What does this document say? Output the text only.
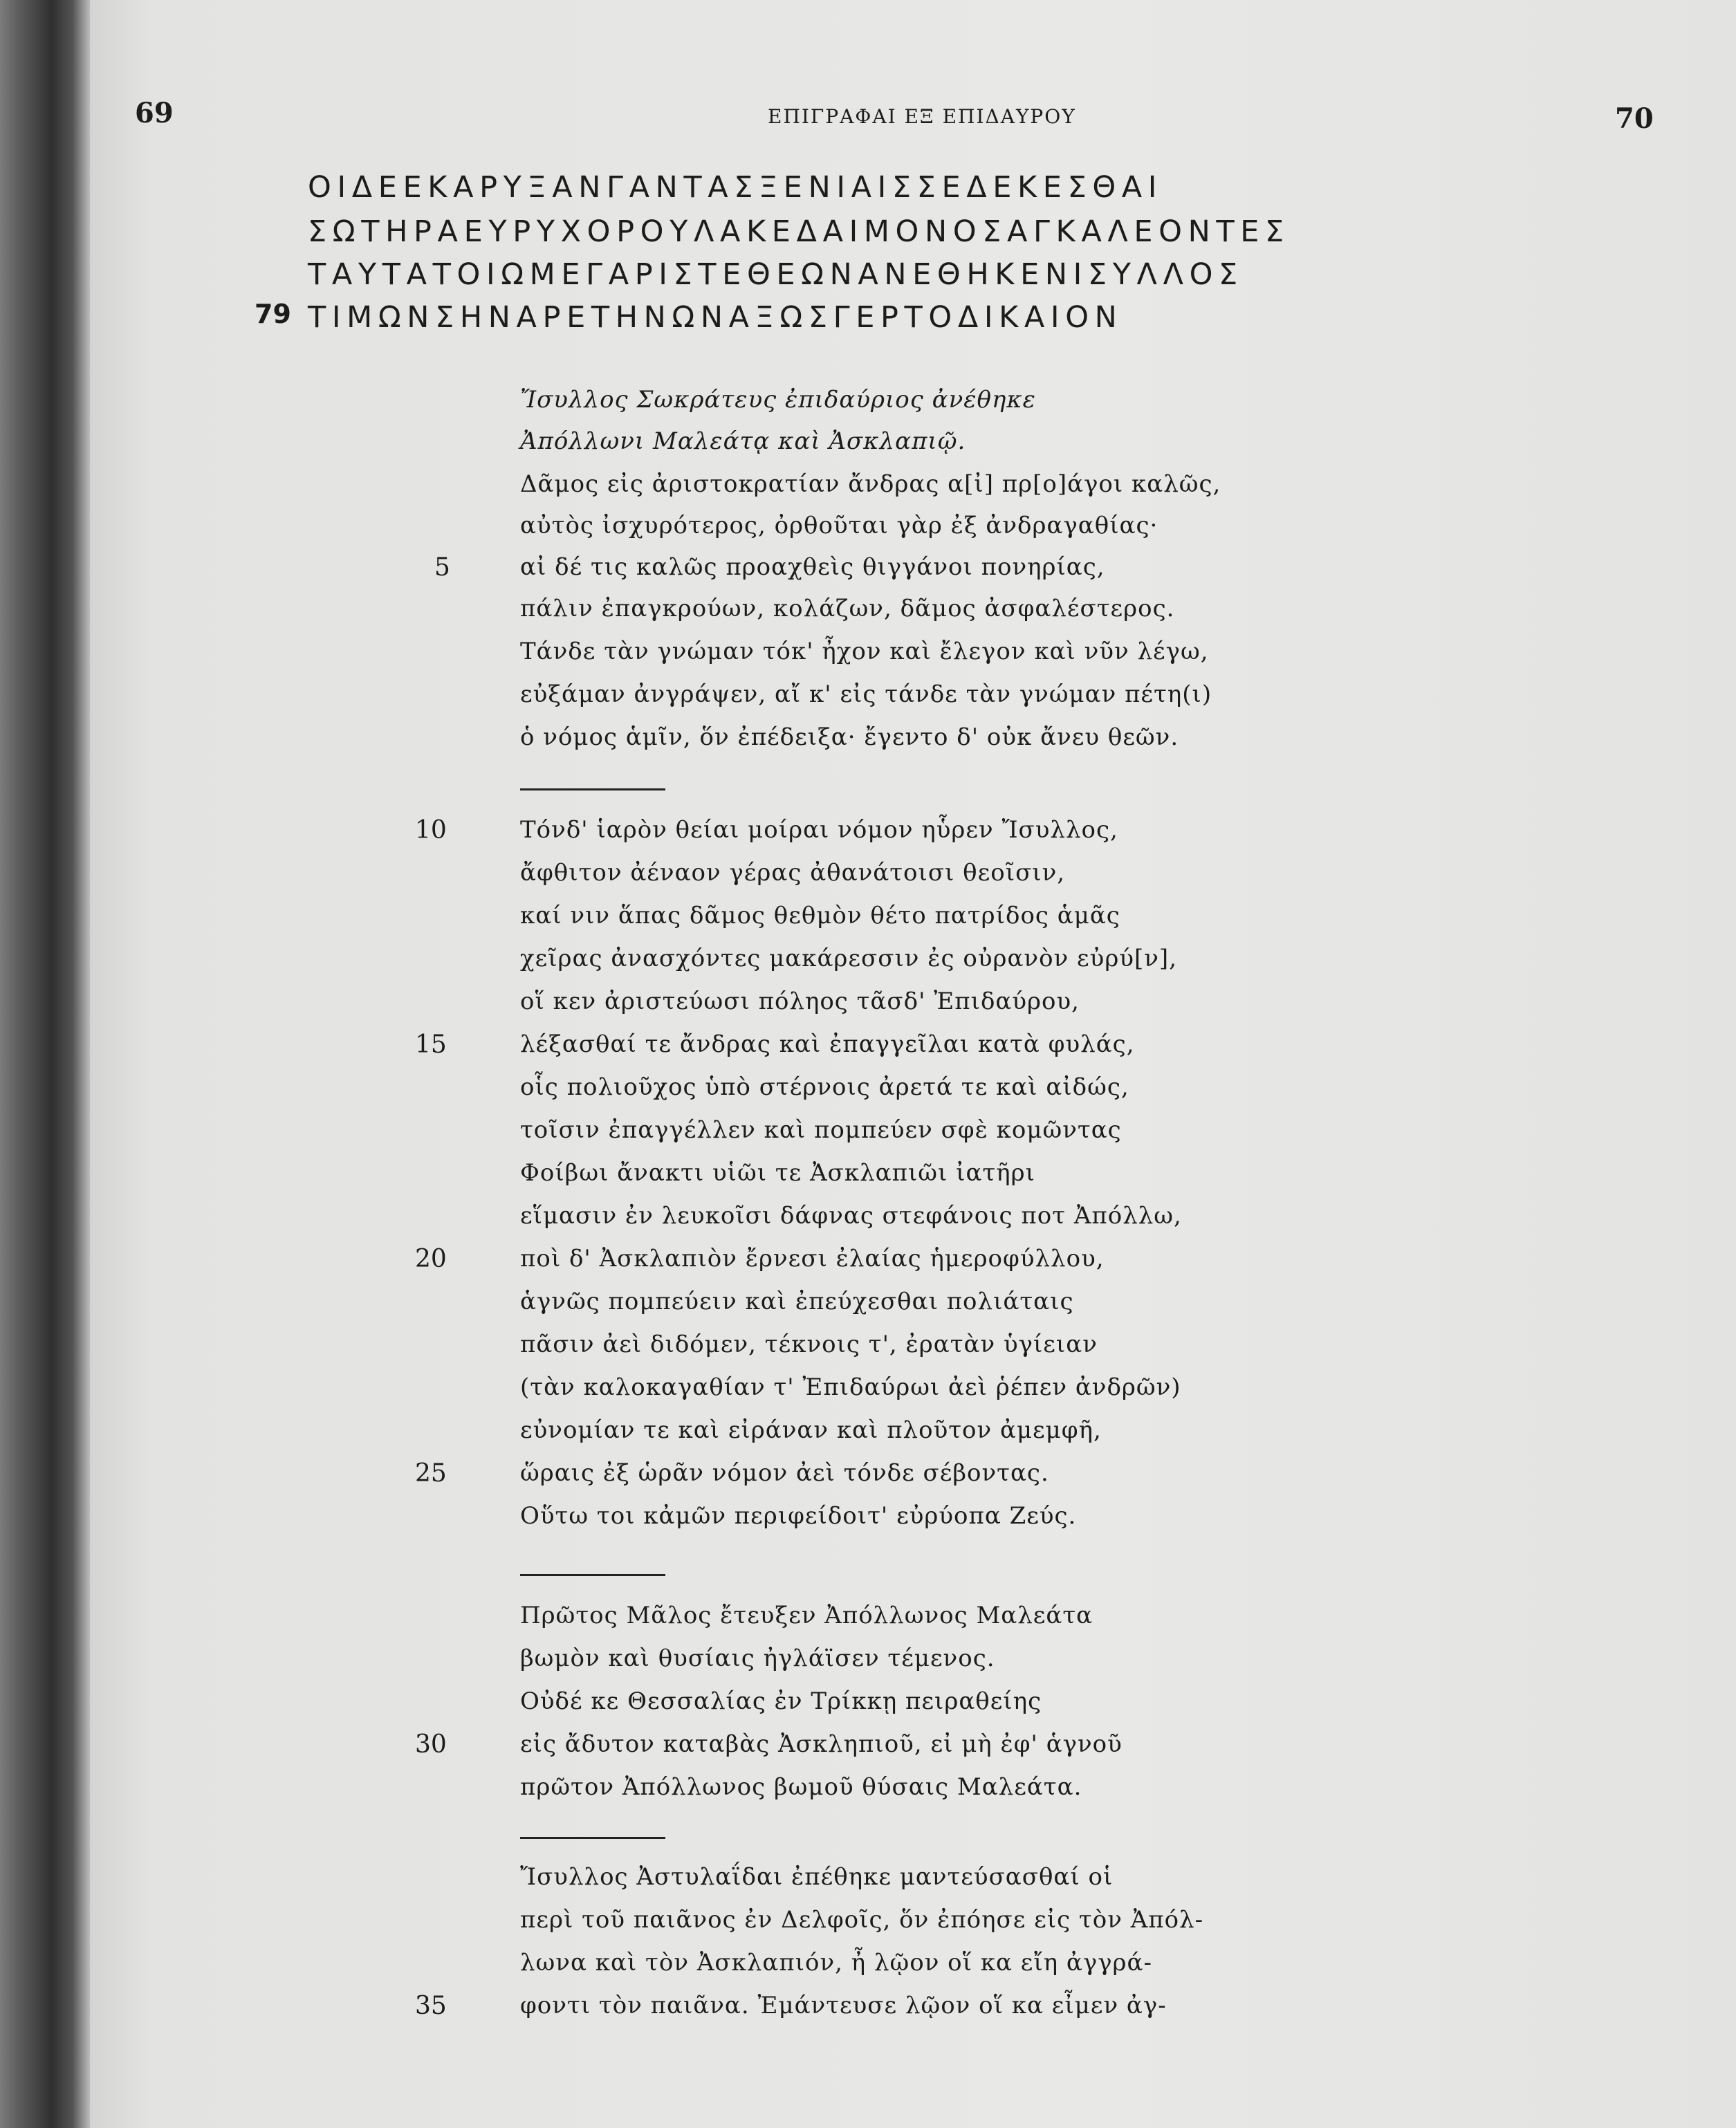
69	ΕΠΙΓΡΑΦΑΙ ΕΞ ΕΠΙΔΑΥΡΟΥ	70
ΟΙΔΕΕΚΑΡΥΞΑΝΓΑΝΤΑΣΞΕΝΙΑΙΣΣΕΔΕΚΕΣΘΑΙ
ΣΩΤΗΡΑΕΥΡΥΧΟΡΟΥΛΑΚΕΔΑΙΜΟΝΟΣΑΓΚΑΛΕΟΝΤΕΣ
ΤΑΥΤΑΤΟΙΩΜΕΓΑΡΙΣΤΕΘΕΩΝΑΝΕΘΗΚΕΝΙΣΥΛΛΟΣ
79 ΤΙΜΩΝΣΗΝΑΡΕΤΗΝΩΝΑΞΩΣΓΕΡΤΟΔΙΚΑΙΟΝ
Ἴσυλλος Σωκράτευς ἐπιδαύριος ἀνέθηκε
Ἀπόλλωνι Μαλεάτᾳ καὶ Ἀσκλαπιῷ.
Δᾶμος εἰς ἀριστοκρατίαν ἄνδρας α[ἰ] πρ[ο]άγοι καλῶς,
αὐτὸς ἰσχυρότερος, ὀρθοῦται γὰρ ἐξ ἀνδραγαθίας·
αἰ δέ τις καλῶς προαχθεὶς θιγγάνοι πονηρίας,
πάλιν ἐπαγκρούων, κολάζων, δᾶμος ἀσφαλέστερος.
Τάνδε τὰν γνώμαν τόκ' ἦχον καὶ ἔλεγον καὶ νῦν λέγω,
εὐξάμαν ἀνγράψεν, αἴ κ' εἰς τάνδε τὰν γνώμαν πέτη(ι)
ὁ νόμος ἁμῖν, ὅν ἐπέδειξα· ἔγεντο δ' οὐκ ἄνευ θεῶν.
Τόνδ' ἱαρὸν θείαι μοίραι νόμον ηὗρεν Ἴσυλλος,
ἄφθιτον ἀέναον γέρας ἀθανάτοισι θεοῖσιν,
καί νιν ἅπας δᾶμος θεθμὸν θέτο πατρίδος ἁμᾶς
χεῖρας ἀνασχόντες μακάρεσσιν ἐς οὐρανὸν εὐρύ[ν],
οἵ κεν ἀριστεύωσι πόληος τᾶσδ' Ἐπιδαύρου,
λέξασθαί τε ἄνδρας καὶ ἐπαγγεῖλαι κατὰ φυλάς,
οἷς πολιοῦχος ὑπὸ στέρνοις ἀρετά τε καὶ αἰδώς,
τοῖσιν ἐπαγγέλλεν καὶ πομπεύεν σφὲ κομῶντας
Φοίβωι ἄνακτι υἱῶι τε Ἀσκλαπιῶι ἰατῆρι
εἵμασιν ἐν λευκοῖσι δάφνας στεφάνοις ποτ Ἀπόλλω,
ποὶ δ' Ἀσκλαπιὸν ἔρνεσι ἐλαίας ἡμεροφύλλου,
ἁγνῶς πομπεύειν καὶ ἐπεύχεσθαι πολιάταις
πᾶσιν ἀεὶ διδόμεν, τέκνοις τ', ἐρατὰν ὑγίειαν
(τὰν καλοκαγαθίαν τ' Ἐπιδαύρωι ἀεὶ ῥέπεν ἀνδρῶν)
εὐνομίαν τε καὶ εἰράναν καὶ πλοῦτον ἀμεμφῆ,
ὥραις ἐξ ὡρᾶν νόμον ἀεὶ τόνδε σέβοντας.
Οὕτω τοι κἀμῶν περιφείδοιτ' εὐρύοπα Ζεύς.
Πρῶτος Μᾶλος ἔτευξεν Ἀπόλλωνος Μαλεάτα
βωμὸν καὶ θυσίαις ἠγλάϊσεν τέμενος.
Οὐδέ κε Θεσσαλίας ἐν Τρίκκῃ πειραθείης
εἰς ἄδυτον καταβὰς Ἀσκληπιοῦ, εἰ μὴ ἐφ' ἁγνοῦ
πρῶτον Ἀπόλλωνος βωμοῦ θύσαις Μαλεάτα.
Ἴσυλλος Ἀστυλαΐδαι ἐπέθηκε μαντεύσασθαί οἱ
περὶ τοῦ παιᾶνος ἐν Δελφοῖς, ὅν ἐπόησε εἰς τὸν Ἀπόλ-
λωνα καὶ τὸν Ἀσκλαπιόν, ἦ λῷον οἵ κα εἴη ἀγγρά-
φοντι τὸν παιᾶνα. Ἐμάντευσε λῷον οἵ κα εἶμεν ἀγ-
5
10
15
20
25
30
35
